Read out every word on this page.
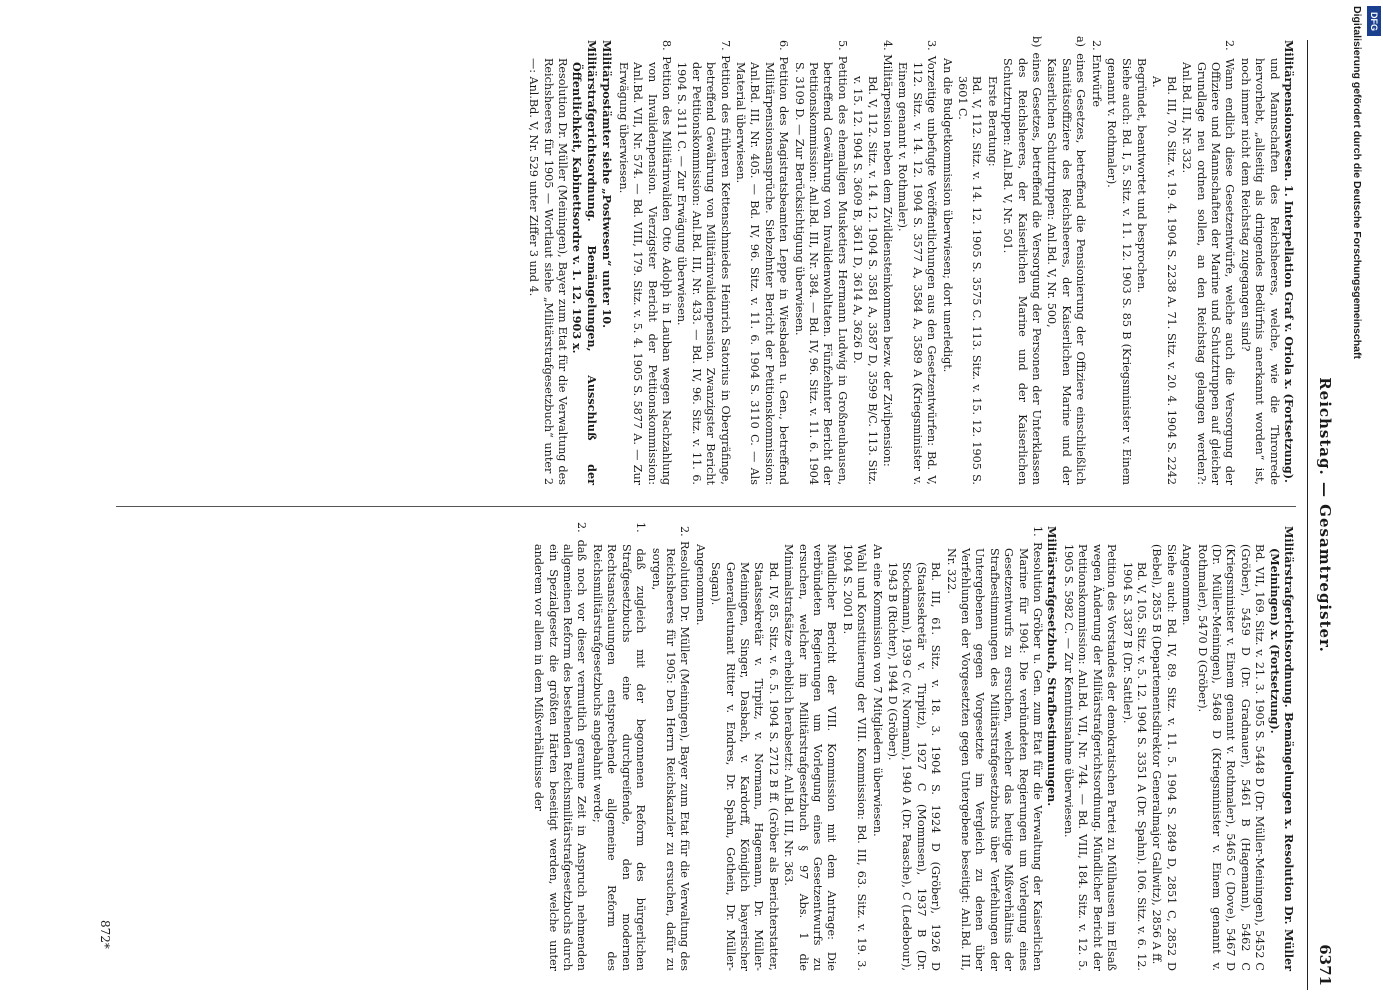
Reichstag. — Gesamtregister.
6371

Militärpensionswesen. 1. Interpellation Graf v. Oriola x. (Fortsetzung).

und Mannschaften des Reichsheeres, welche, wie die Thronrede hervorhebt, „allseitig als dringendes Bedürfnis anerkannt worden“ ist, noch immer nicht dem Reichstag zugegangen sind?

2. Wann endlich diese Gesetzentwürfe, welche auch die Versorgung der Offiziere und Mannschaften der Marine und Schutztruppen auf gleicher Grundlage neu ordnen sollen, an den Reichstag gelangen werden?: Anl.Bd. III, Nr. 332.

Bd. III, 70. Sitz. v. 19. 4. 1904 S. 2238 A. 71. Sitz. v. 20. 4. 1904 S. 2242 A.

Begründet, beantwortet und besprochen.

Siehe auch: Bd. I, 5. Sitz. v. 11. 12. 1903 S. 85 B (Kriegsminister v. Einem genannt v. Rothmaler).

2. Entwürfe

a) eines Gesetzes, betreffend die Pensionierung der Offiziere einschließlich Sanitätsoffiziere des Reichsheeres, der Kaiserlichen Marine und der Kaiserlichen Schutztruppen: Anl.Bd. V, Nr. 500,

b) eines Gesetzes, betreffend die Versorgung der Personen der Unterklassen des Reichsheeres, der Kaiserlichen Marine und der Kaiserlichen Schutztruppen: Anl.Bd. V, Nr. 501.

Erste Beratung:

Bd. V, 112. Sitz. v. 14. 12. 1905 S. 3575 C. 113. Sitz. v. 15. 12. 1905 S. 3601 C.

An die Budgetkommission überwiesen; dort unerledigt.

3. Vorzeitige unbefugte Veröffentlichungen aus den Gesetzentwürfen: Bd. V, 112. Sitz. v. 14. 12. 1904 S. 3577 A, 3584 A, 3589 A (Kriegsminister v. Einem genannt v. Rothmaler).

4. Militärpension neben dem Zivildiensteinkommen bezw. der Zivilpension:

Bd. V, 112. Sitz. v. 14. 12. 1904 S. 3581 A, 3587 D, 3599 B/C. 113. Sitz. v. 15. 12. 1904 S. 3609 B, 3611 D, 3614 A, 3626 D.

5. Petition des ehemaligen Musketiers Hermann Ludwig in Großneuhausen, betreffend Gewährung von Invalidenwohltaten. Fünfzehnter Bericht der Petitionskommission: Anl.Bd. III, Nr. 384. — Bd. IV, 96. Sitz. v. 11. 6. 1904 S. 3109 D. — Zur Berücksichtigung überwiesen.

6. Petition des Magistratsbeamten Leppe in Wiesbaden u. Gen., betreffend Militärpensionsansprüche. Siebzehnter Bericht der Petitionskommission: Anl.Bd. III, Nr. 405. — Bd. IV, 96. Sitz. v. 11. 6. 1904 S. 3110 C. — Als Material überwiesen.

7. Petition des früheren Kettenschmiedes Heinrich Satorius in Obergräfinge, betreffend Gewährung von Militärinvalidenpension. Zwanzigster Bericht der Petitionskommission: Anl.Bd. III, Nr. 433. — Bd. IV, 96. Sitz. v. 11. 6. 1904 S. 3111 C. — Zur Erwägung überwiesen.

8. Petition des Militärinvaliden Otto Adolph in Lauban wegen Nachzahlung von Invalidenpension. Vierzigster Bericht der Petitionskommission: Anl.Bd. VII, Nr. 574. — Bd. VIII, 179. Sitz. v. 5. 4. 1905 S. 5877 A. — Zur Erwägung überwiesen.

Militärpostämter siehe „Postwesen“ unter 10.

Militärstrafgerichtsordnung. Bemängelungen, Ausschluß der Öffentlichkeit, Kabinettsordre v. 1. 12. 1903 x.

Resolution Dr. Müller (Meiningen), Bayer zum Etat für die Verwaltung des Reichsheeres für 1905 — Wortlaut siehe „Militärstrafgesetzbuch“ unter 2 —: Anl.Bd. V, Nr. 529 unter Ziffer 3 und 4.

Militärstrafgerichtsordnung. Bemängelungen x. Resolution Dr. Müller (Meiningen) x. (Fortsetzung).

Bd. VII, 169. Sitz. v. 21. 3. 1905 S. 5448 D (Dr. Müller-Meiningen), 5452 C (Gröber), 5459 D (Dr. Gradnauer), 5461 B (Hagemann), 5462 C (Kriegsminister v. Einem genannt v. Rothmaler), 5465 C (Dove), 5467 D (Dr. Müller-Meiningen), 5468 D (Kriegsminister v. Einem genannt v. Rothmaler), 5470 D (Gröber).

Angenommen.

Siehe auch: Bd. IV, 89. Sitz. v. 11. 5. 1904 S. 2849 D, 2851 C, 2852 D (Bebel), 2855 B (Departementsdirektor Generalmajor Gallwitz), 2856 A ff.

Bd. V, 105. Sitz. v. 5. 12. 1904 S. 3351 A (Dr. Spahn). 106. Sitz. v. 6. 12. 1904 S. 3387 B (Dr. Sattler).

Petition des Vorstandes der demokratischen Partei zu Mülhausen im Elsaß wegen Änderung der Militärstrafgerichtsordnung. Mündlicher Bericht der Petitionskommission: Anl.Bd. VII, Nr. 744. — Bd. VIII, 184. Sitz. v. 12. 5. 1905 S. 5982 C. — Zur Kenntnisnahme überwiesen.

Militärstrafgesetzbuch, Strafbestimmungen.

1. Resolution Gröber u. Gen. zum Etat für die Verwaltung der Kaiserlichen Marine für 1904: Die verbündeten Regierungen um Vorlegung eines Gesetzentwurfs zu ersuchen, welcher das heutige Mißverhältnis der Strafbestimmungen des Militärstrafgesetzbuchs über Verfehlungen der Untergebenen gegen Vorgesetzte im Vergleich zu denen über Verfehlungen der Vorgesetzten gegen Untergebene beseitigt: Anl.Bd. III, Nr. 322.

Bd. III, 61. Sitz. v. 18. 3. 1904 S. 1924 D (Gröber), 1926 D (Staatssekretär v. Tirpitz), 1927 C (Mommsen), 1937 B (Dr. Stockmann), 1939 C (v. Normann), 1940 A (Dr. Paasche), C (Ledebour), 1943 B (Richter), 1944 D (Gröber).

An eine Kommission von 7 Mitgliedern überwiesen.

Wahl und Konstituierung der VIII. Kommission: Bd. III, 63. Sitz. v. 19. 3. 1904 S. 2001 B.

Mündlicher Bericht der VIII. Kommission mit dem Antrage: Die verbündeten Regierungen um Vorlegung eines Gesetzentwurfs zu ersuchen, welcher im Militärstrafgesetzbuch § 97 Abs. 1 die Minimalstrafsätze erheblich herabsetzt: Anl.Bd. III, Nr. 363.

Bd. IV, 85. Sitz. v. 6. 5. 1904 S. 2712 B ff. (Gröber als Berichterstatter, Staatssekretär v. Tirpitz, v. Normann, Hagemann, Dr. Müller-Meiningen, Singer, Dasbach, v. Kardorff, Königlich bayerischer Generalleutnant Ritter v. Endres, Dr. Spahn, Gothein, Dr. Müller-Sagan).

Angenommen.

2. Resolution Dr. Müller (Meiningen), Bayer zum Etat für die Verwaltung des Reichsheeres für 1905: Den Herrn Reichskanzler zu ersuchen, dafür zu sorgen,

1. daß zugleich mit der begonnenen Reform des bürgerlichen Strafgesetzbuchs eine durchgreifende, den modernen Rechtsanschauungen entsprechende allgemeine Reform des Reichsmilitärstrafgesetzbuchs angebahnt werde;

2. daß noch vor dieser vermutlich geraume Zeit in Anspruch nehmenden allgemeinen Reform des bestehenden Reichsmilitärstrafgesetzbuchs durch ein Spezialgesetz die größten Härten beseitigt werden, welche unter anderem vor allem in dem Mißverhältnisse der

872*
Digitalisierung gefördert durch die Deutsche Forschungsgemeinschaft DFG
